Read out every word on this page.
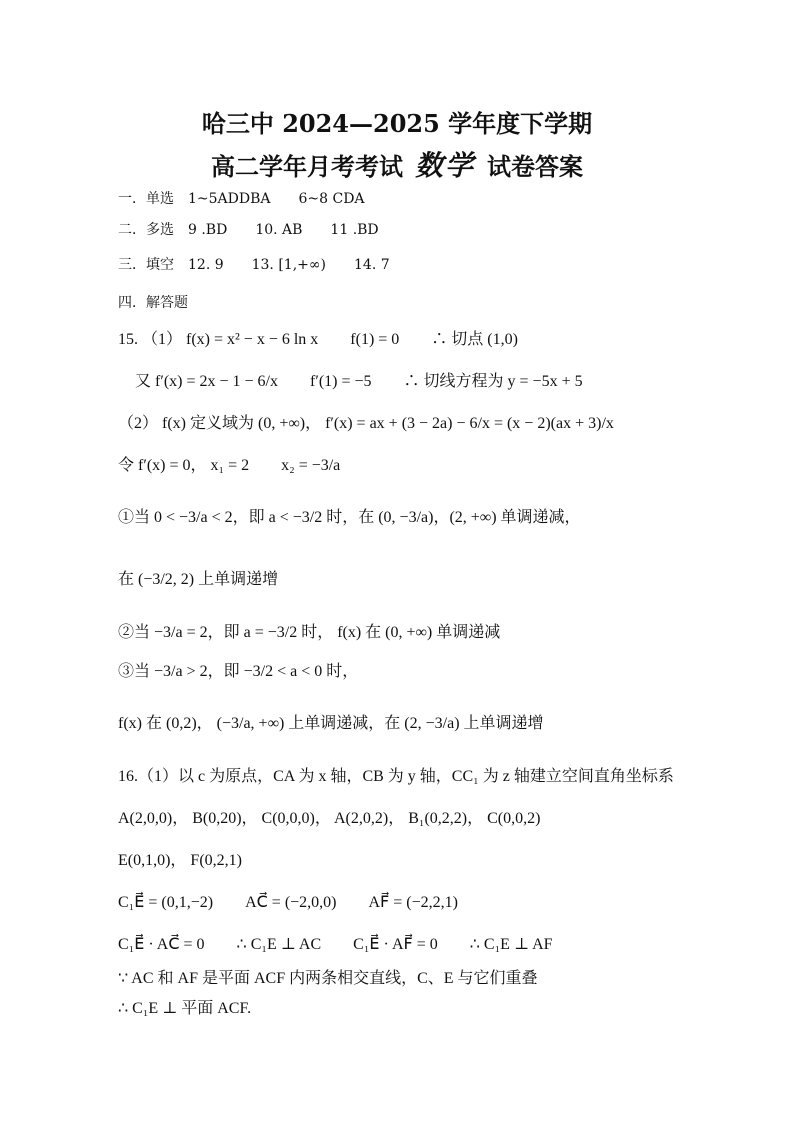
哈三中 2024—2025 学年度下学期
高二学年月考考试 数学 试卷答案
一．单选　1~5ADDBA　　6~8 CDA
二．多选　9 .BD　　10. AB　　11 .BD
三．填空　12. 9　　13. [1,+∞)　　14. 7
四．解答题
15. （1） f(x) = x² − x − 6 ln x　　f(1) = 0　　∴ 切点 (1,0)
又 f′(x) = 2x − 1 − 6/x　　f′(1) = −5　　∴ 切线方程为 y = −5x + 5
（2） f(x) 定义域为 (0, +∞)， f′(x) = ax + (3 − 2a) − 6/x = (x − 2)(ax + 3)/x
令 f′(x) = 0， x₁ = 2　　x₂ = −3/a
①当 0 < −3/a < 2，即 a < −3/2 时，在 (0, −3/a)，(2, +∞) 单调递减，
在 (−3/2, 2) 上单调递增
②当 −3/a = 2，即 a = −3/2 时， f(x) 在 (0, +∞) 单调递减
③当 −3/a > 2，即 −3/2 < a < 0 时，
f(x) 在 (0,2)， (−3/a, +∞) 上单调递减，在 (2, −3/a) 上单调递增
16.（1）以 c 为原点，CA 为 x 轴，CB 为 y 轴，CC₁ 为 z 轴建立空间直角坐标系
A(2,0,0)， B(0,20)， C(0,0,0)， A(2,0,2)， B₁(0,2,2)， C(0,0,2)
E(0,1,0)， F(0,2,1)
C₁E⃗ = (0,1,−2)　　AC⃗ = (−2,0,0)　　AF⃗ = (−2,2,1)
C₁E⃗ · AC⃗ = 0　　∴ C₁E ⊥ AC　　C₁E⃗ · AF⃗ = 0　　∴ C₁E ⊥ AF
∵ AC 和 AF 是平面 ACF 内两条相交直线，C、E 与它们重叠
∴ C₁E ⊥ 平面 ACF.
